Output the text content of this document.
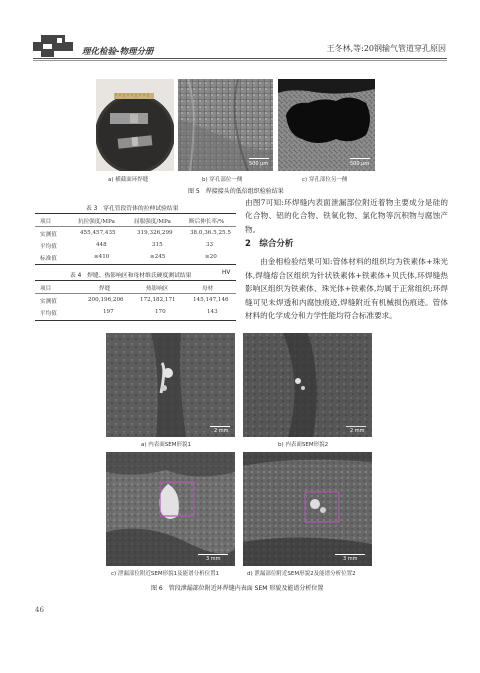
理化检验-物理分册	王冬林,等:20钢输气管道穿孔原因
a) 横截面环焊缝
500 μm
b) 穿孔部位一侧
500 μm
c) 穿孔部位另一侧
图 5　焊接接头的低倍组织检验结果
表 3　穿孔管段管体的拉伸试验结果
项目	抗拉强度/MPa	屈服强度/MPa	断后伸长率/%
实测值	455,457,435	319,326,299	38.0,36.5,25.5
平均值	448	315	33
标准值	≥410	≥245	≥20
表 4　焊缝、热影响区和母材维氏硬度测试结果	HV
项目	焊缝	热影响区	母材
实测值	200,196,206	172,182,171	145,147,146
平均值	197	170	143
由图7可知:环焊缝内表面泄漏部位附近着物主要成分是硅的化合物、铝的化合物、铁氧化物、氯化物等沉积物与腐蚀产物。
2　综合分析
由金相检验结果可知:管体材料的组织均为铁素体+珠光体,焊缝熔合区组织为针状铁素体+铁素体+贝氏体,环焊缝热影响区组织为铁素体、珠光体+铁素体,均属于正常组织;环焊缝可见未焊透和内腐蚀痕迹,焊缝附近有机械损伤痕迹。管体材料的化学成分和力学性能均符合标准要求。
2 mm
a) 内表面SEM形貌1
2 mm
b) 内表面SEM形貌2
3 mm
c) 泄漏部位附近SEM形貌1及能谱分析位置1
3 mm
d) 泄漏部位附近SEM形貌2及能谱分析位置2
图 6　管段泄漏部位附近环焊缝内表面 SEM 形貌及能谱分析位置
46
